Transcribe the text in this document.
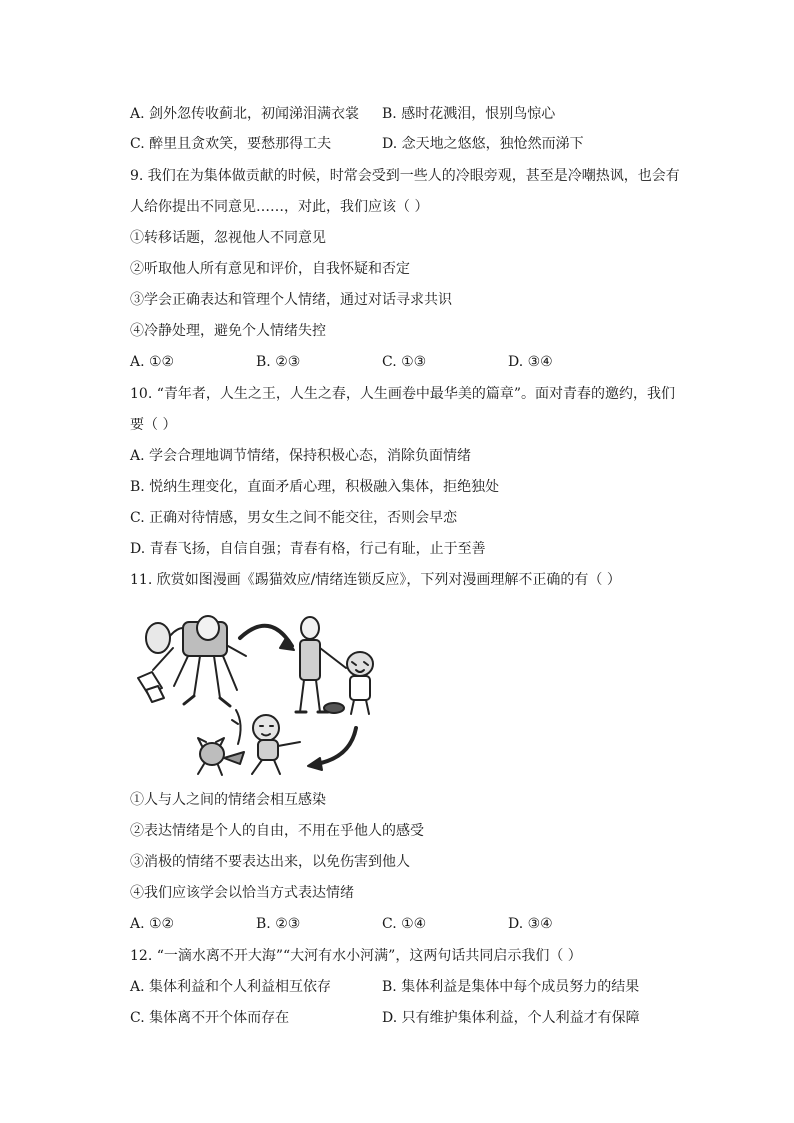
A. 剑外忽传收蓟北，初闻涕泪满衣裳 B. 感时花溅泪，恨别鸟惊心
C. 醉里且贪欢笑，要愁那得工夫	D. 念天地之悠悠，独怆然而涕下
9. 我们在为集体做贡献的时候，时常会受到一些人的冷眼旁观，甚至是冷嘲热讽，也会有
人给你提出不同意见……，对此，我们应该（ ）
①转移话题，忽视他人不同意见
②听取他人所有意见和评价，自我怀疑和否定
③学会正确表达和管理个人情绪，通过对话寻求共识
④冷静处理，避免个人情绪失控
A. ①②	B. ②③	C. ①③	D. ③④
10. “青年者，人生之王，人生之春，人生画卷中最华美的篇章”。面对青春的邀约，我们
要（ ）
A. 学会合理地调节情绪，保持积极心态，消除负面情绪
B. 悦纳生理变化，直面矛盾心理，积极融入集体，拒绝独处
C. 正确对待情感，男女生之间不能交往，否则会早恋
D. 青春飞扬，自信自强；青春有格，行己有耻，止于至善
11. 欣赏如图漫画《踢猫效应/情绪连锁反应》，下列对漫画理解不正确的有（ ）
①人与人之间的情绪会相互感染
②表达情绪是个人的自由，不用在乎他人的感受
③消极的情绪不要表达出来，以免伤害到他人
④我们应该学会以恰当方式表达情绪
A. ①②	B. ②③	C. ①④	D. ③④
12. “一滴水离不开大海”“大河有水小河满”，这两句话共同启示我们（ ）
A. 集体利益和个人利益相互依存	B. 集体利益是集体中每个成员努力的结果
C. 集体离不开个体而存在	D. 只有维护集体利益，个人利益才有保障
